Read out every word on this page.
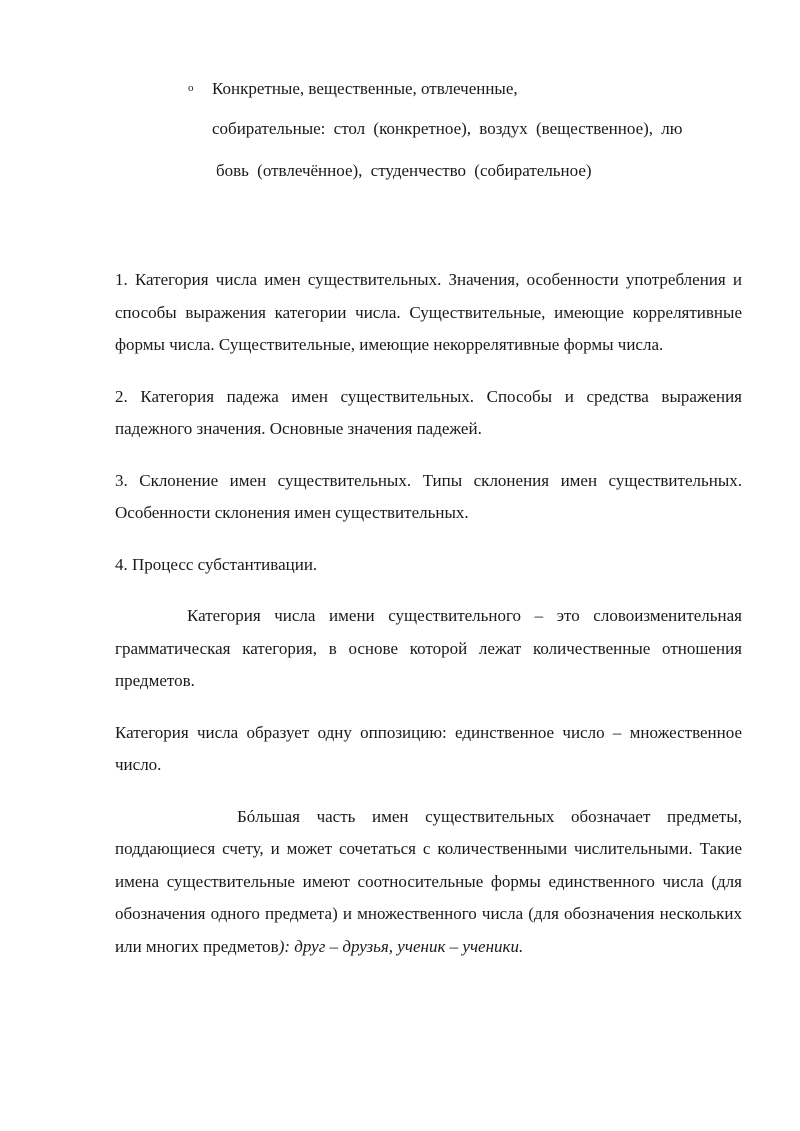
o Конкретные, вещественные, отвлеченные,
собирательные: стол (конкретное), воздух (вещественное), лю
бовь (отвлечённое), студенчество (собирательное)

1. Категория числа имен существительных. Значения, особенности употребления и способы выражения категории числа. Существительные, имеющие коррелятивные формы числа. Существительные, имеющие некоррелятивные формы числа.

2. Категория падежа имен существительных. Способы и средства выражения падежного значения. Основные значения падежей.

3. Склонение имен существительных. Типы склонения имен существительных. Особенности склонения имен существительных.

4. Процесс субстантивации.

Категория числа имени существительного – это словоизменительная грамматическая категория, в основе которой лежат количественные отношения предметов.

Категория числа образует одну оппозицию: единственное число – множественное число.

Бóльшая часть имен существительных обозначает предметы, поддающиеся счету, и может сочетаться с количественными числительными. Такие имена существительные имеют соотносительные формы единственного числа (для обозначения одного предмета) и множественного числа (для обозначения нескольких или многих предметов): друг – друзья, ученик – ученики.
